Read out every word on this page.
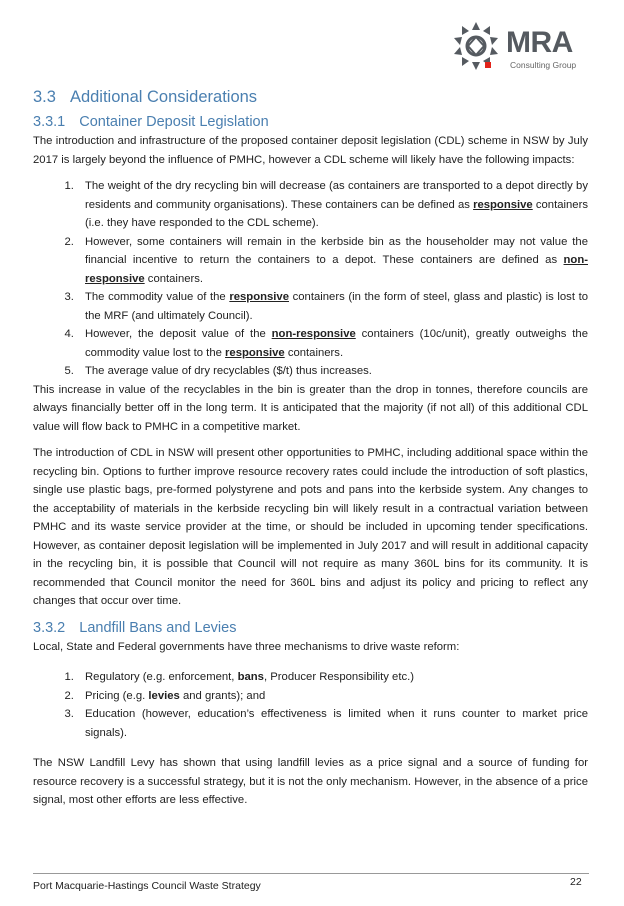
MRA
Consulting Group
3.3 Additional Considerations
3.3.1 Container Deposit Legislation

The introduction and infrastructure of the proposed container deposit legislation (CDL) scheme in NSW by July 2017 is largely beyond the influence of PMHC, however a CDL scheme will likely have the following impacts:

1. The weight of the dry recycling bin will decrease (as containers are transported to a depot directly by residents and community organisations). These containers can be defined as responsive containers (i.e. they have responded to the CDL scheme).
2. However, some containers will remain in the kerbside bin as the householder may not value the financial incentive to return the containers to a depot. These containers are defined as non-responsive containers.
3. The commodity value of the responsive containers (in the form of steel, glass and plastic) is lost to the MRF (and ultimately Council).
4. However, the deposit value of the non-responsive containers (10c/unit), greatly outweighs the commodity value lost to the responsive containers.
5. The average value of dry recyclables ($/t) thus increases.

This increase in value of the recyclables in the bin is greater than the drop in tonnes, therefore councils are always financially better off in the long term. It is anticipated that the majority (if not all) of this additional CDL value will flow back to PMHC in a competitive market.

The introduction of CDL in NSW will present other opportunities to PMHC, including additional space within the recycling bin. Options to further improve resource recovery rates could include the introduction of soft plastics, single use plastic bags, pre-formed polystyrene and pots and pans into the kerbside system. Any changes to the acceptability of materials in the kerbside recycling bin will likely result in a contractual variation between PMHC and its waste service provider at the time, or should be included in upcoming tender specifications. However, as container deposit legislation will be implemented in July 2017 and will result in additional capacity in the recycling bin, it is possible that Council will not require as many 360L bins for its community. It is recommended that Council monitor the need for 360L bins and adjust its policy and pricing to reflect any changes that occur over time.

3.3.2 Landfill Bans and Levies

Local, State and Federal governments have three mechanisms to drive waste reform:

1. Regulatory (e.g. enforcement, bans, Producer Responsibility etc.)
2. Pricing (e.g. levies and grants); and
3. Education (however, education’s effectiveness is limited when it runs counter to market price signals).

The NSW Landfill Levy has shown that using landfill levies as a price signal and a source of funding for resource recovery is a successful strategy, but it is not the only mechanism. However, in the absence of a price signal, most other efforts are less effective.

Port Macquarie-Hastings Council Waste Strategy	22
